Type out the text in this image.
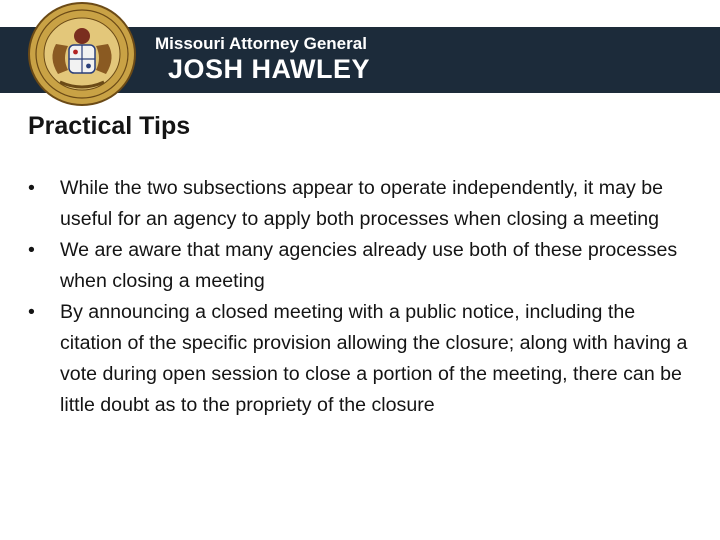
Missouri Attorney General
JOSH HAWLEY
Practical Tips
• While the two subsections appear to operate independently, it may be useful for an agency to apply both processes when closing a meeting
• We are aware that many agencies already use both of these processes when closing a meeting
• By announcing a closed meeting with a public notice, including the citation of the specific provision allowing the closure; along with having a vote during open session to close a portion of the meeting, there can be little doubt as to the propriety of the closure
